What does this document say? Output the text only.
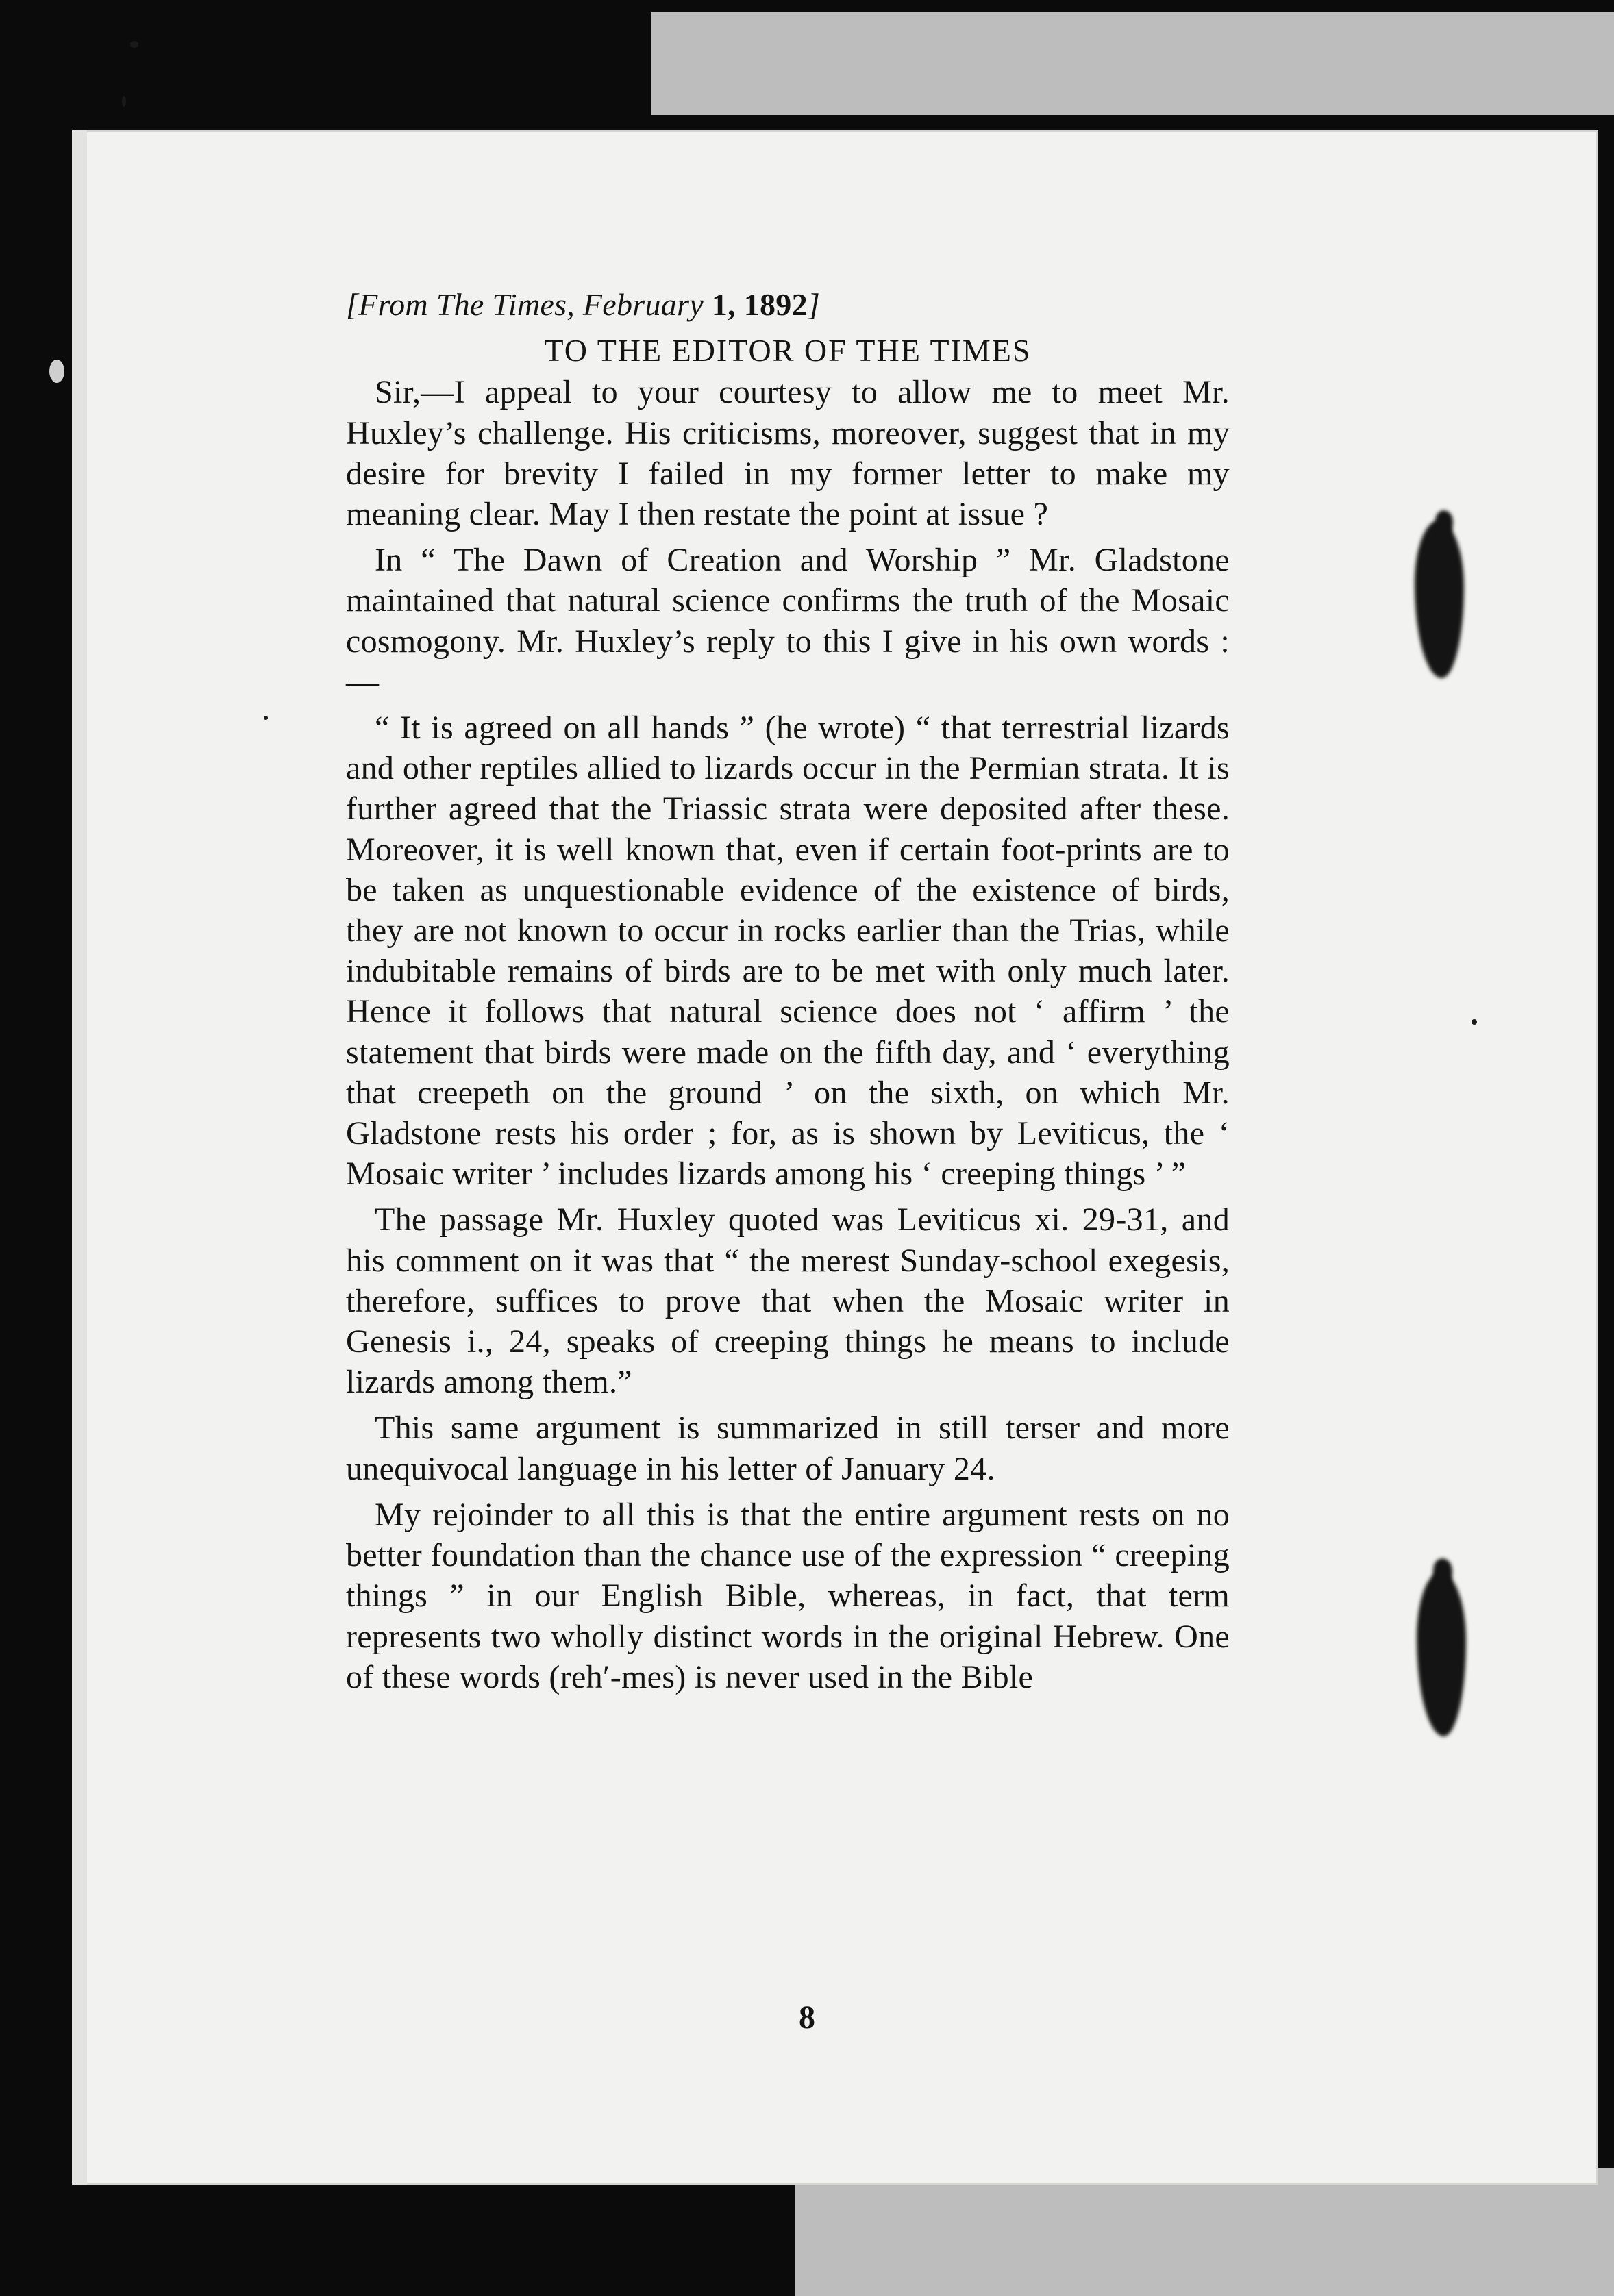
[From The Times, February 1, 1892]
TO THE EDITOR OF THE TIMES

Sir,—I appeal to your courtesy to allow me to meet Mr. Huxley’s challenge. His criticisms, moreover, suggest that in my desire for brevity I failed in my former letter to make my meaning clear. May I then restate the point at issue ?

In “ The Dawn of Creation and Worship ” Mr. Gladstone maintained that natural science confirms the truth of the Mosaic cosmogony. Mr. Huxley’s reply to this I give in his own words :—

“ It is agreed on all hands ” (he wrote) “ that terrestrial lizards and other reptiles allied to lizards occur in the Permian strata. It is further agreed that the Triassic strata were deposited after these. Moreover, it is well known that, even if certain foot-prints are to be taken as unquestionable evidence of the existence of birds, they are not known to occur in rocks earlier than the Trias, while indubitable remains of birds are to be met with only much later. Hence it follows that natural science does not ‘ affirm ’ the statement that birds were made on the fifth day, and ‘ everything that creepeth on the ground ’ on the sixth, on which Mr. Gladstone rests his order ; for, as is shown by Leviticus, the ‘ Mosaic writer ’ includes lizards among his ‘ creeping things ’ ”

The passage Mr. Huxley quoted was Leviticus xi. 29-31, and his comment on it was that “ the merest Sunday-school exegesis, therefore, suffices to prove that when the Mosaic writer in Genesis i., 24, speaks of creeping things he means to include lizards among them.”

This same argument is summarized in still terser and more unequivocal language in his letter of January 24.

My rejoinder to all this is that the entire argument rests on no better foundation than the chance use of the expression “ creeping things ” in our English Bible, whereas, in fact, that term represents two wholly distinct words in the original Hebrew. One of these words (reh′-mes) is never used in the Bible

8
